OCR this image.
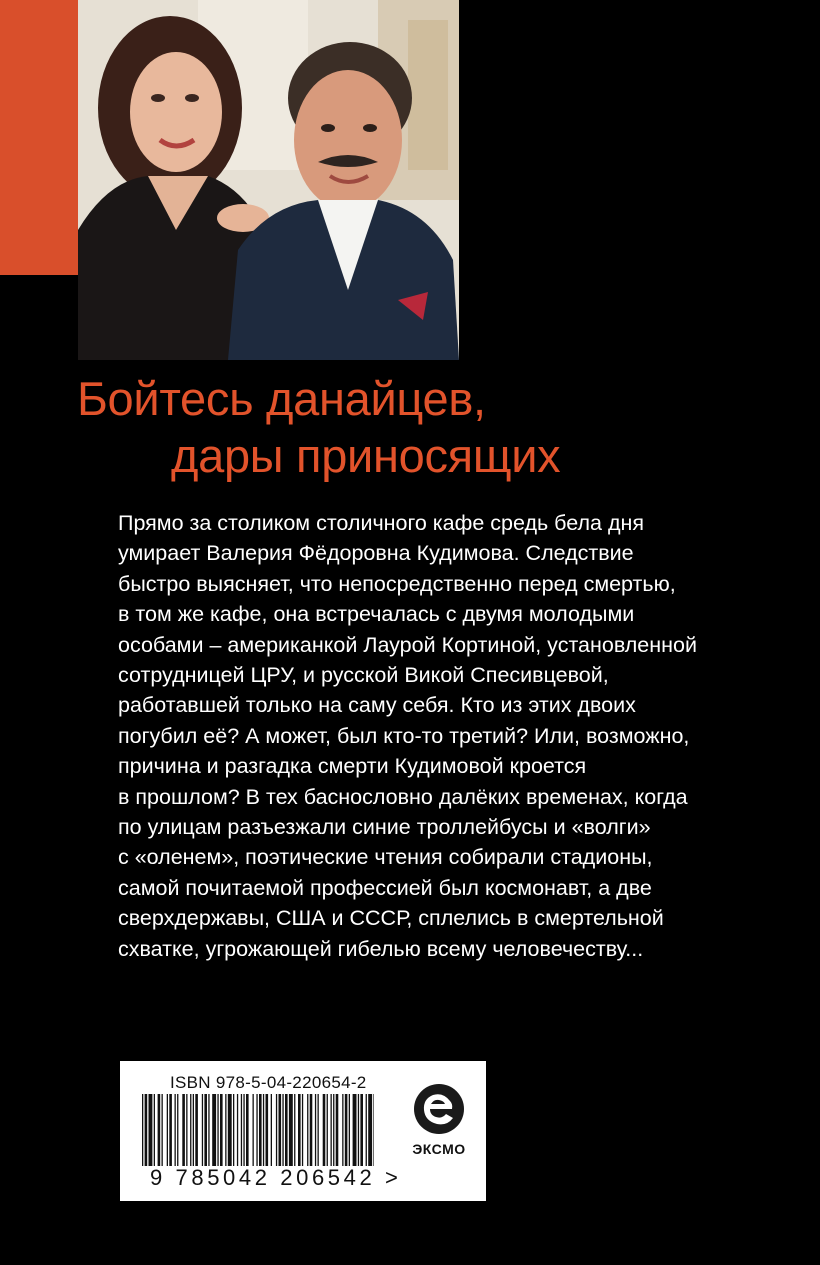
Бойтесь данайцев,
дары приносящих
Прямо за столиком столичного кафе средь бела дня
умирает Валерия Фёдоровна Кудимова. Следствие
быстро выясняет, что непосредственно перед смертью,
в том же кафе, она встречалась с двумя молодыми
особами – американкой Лаурой Кортиной, установленной
сотрудницей ЦРУ, и русской Викой Спесивцевой,
работавшей только на саму себя. Кто из этих двоих
погубил её? А может, был кто-то третий? Или, возможно,
причина и разгадка смерти Кудимовой кроется
в прошлом? В тех баснословно далёких временах, когда
по улицам разъезжали синие троллейбусы и «волги»
с «оленем», поэтические чтения собирали стадионы,
самой почитаемой профессией был космонавт, а две
сверхдержавы, США и СССР, сплелись в смертельной
схватке, угрожающей гибелью всему человечеству...
ISBN 978-5-04-220654-2
9 785042 206542 >
ЭКСМО
